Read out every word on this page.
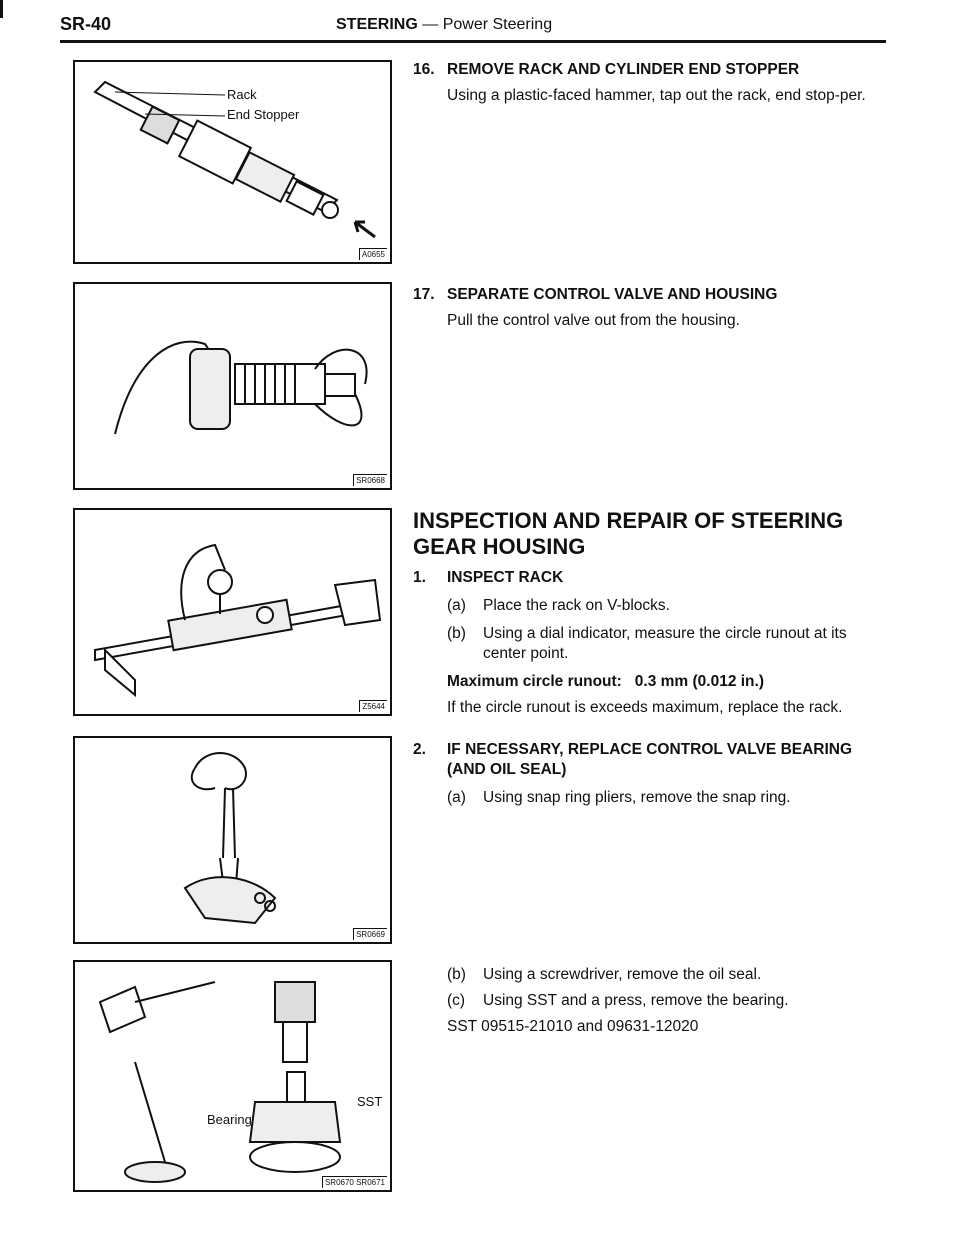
SR-40	STEERING — Power Steering
Rack
End Stopper
A0655
SR0668
Z5644
SR0669
Bearing
SST
SR0670 SR0671
16. REMOVE RACK AND CYLINDER END STOPPER
Using a plastic-faced hammer, tap out the rack, end stop-per.
17. SEPARATE CONTROL VALVE AND HOUSING
Pull the control valve out from the housing.
INSPECTION AND REPAIR OF STEERING
GEAR HOUSING
1. INSPECT RACK
(a)	Place the rack on V-blocks.
(b)	Using a dial indicator, measure the circle runout at its center point.
Maximum circle runout: 0.3 mm (0.012 in.)
If the circle runout is exceeds maximum, replace the rack.
2. IF NECESSARY, REPLACE CONTROL VALVE BEARING
(AND OIL SEAL)
(a)	Using snap ring pliers, remove the snap ring.
(b)	Using a screwdriver, remove the oil seal.
(c)	Using SST and a press, remove the bearing.
SST 09515-21010 and 09631-12020
